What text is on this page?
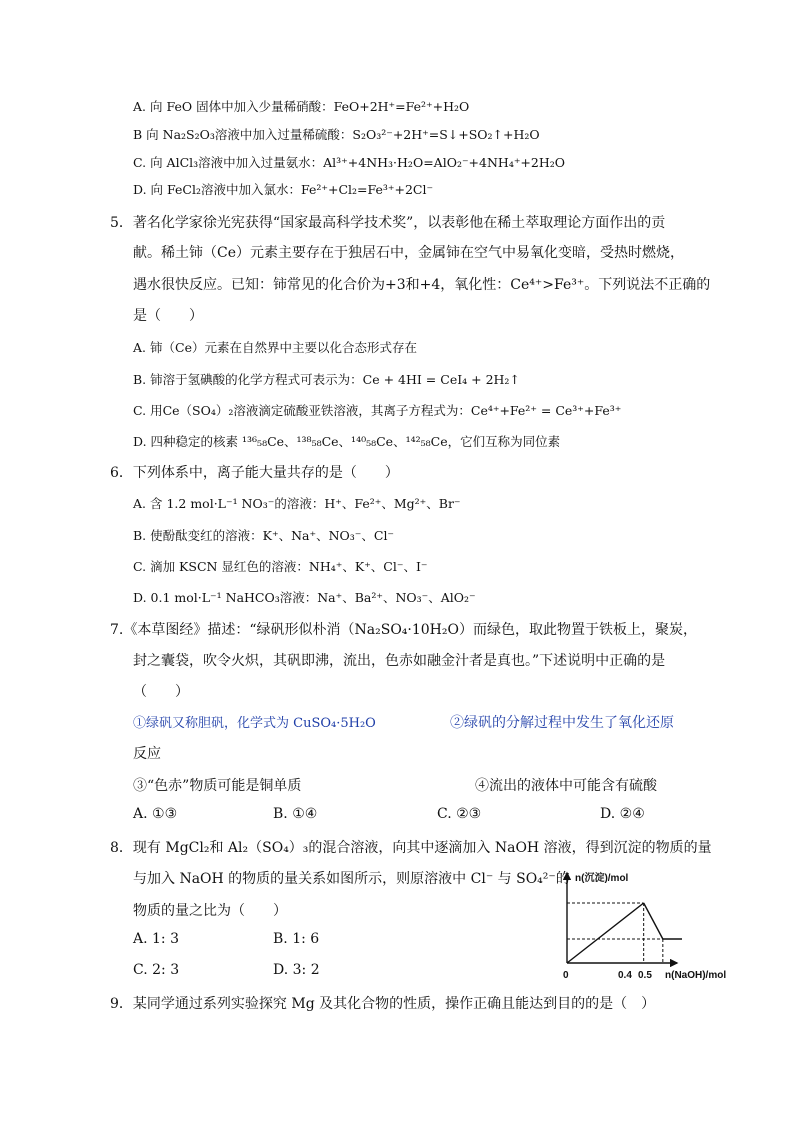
A. 向 FeO 固体中加入少量稀硝酸：FeO+2H⁺=Fe²⁺+H₂O
B 向 Na₂S₂O₃溶液中加入过量稀硫酸：S₂O₃²⁻+2H⁺=S↓+SO₂↑+H₂O
C. 向 AlCl₃溶液中加入过量氨水：Al³⁺+4NH₃·H₂O=AlO₂⁻+4NH₄⁺+2H₂O
D. 向 FeCl₂溶液中加入氯水：Fe²⁺+Cl₂=Fe³⁺+2Cl⁻
5．著名化学家徐光宪获得“国家最高科学技术奖”，以表彰他在稀土萃取理论方面作出的贡
献。稀土铈（Ce）元素主要存在于独居石中，金属铈在空气中易氧化变暗，受热时燃烧，
遇水很快反应。已知：铈常见的化合价为+3和+4，氧化性：Ce⁴⁺>Fe³⁺。下列说法不正确的
是（　　）
A. 铈（Ce）元素在自然界中主要以化合态形式存在
B. 铈溶于氢碘酸的化学方程式可表示为：Ce + 4HI = CeI₄ + 2H₂↑
C. 用Ce（SO₄）₂溶液滴定硫酸亚铁溶液，其离子方程式为：Ce⁴⁺+Fe²⁺ = Ce³⁺+Fe³⁺
D. 四种稳定的核素 ¹³⁶₅₈Ce、¹³⁸₅₈Ce、¹⁴⁰₅₈Ce、¹⁴²₅₈Ce，它们互称为同位素
6．下列体系中，离子能大量共存的是（　　）
A. 含 1.2 mol·L⁻¹ NO₃⁻的溶液：H⁺、Fe²⁺、Mg²⁺、Br⁻
B. 使酚酞变红的溶液：K⁺、Na⁺、NO₃⁻、Cl⁻
C. 滴加 KSCN 显红色的溶液：NH₄⁺、K⁺、Cl⁻、I⁻
D. 0.1 mol·L⁻¹ NaHCO₃溶液：Na⁺、Ba²⁺、NO₃⁻、AlO₂⁻
7.《本草图经》描述：“绿矾形似朴消（Na₂SO₄·10H₂O）而绿色，取此物置于铁板上，聚炭，
封之囊袋，吹令火炽，其矾即沸，流出，色赤如融金汁者是真也。”下述说明中正确的是
（　　）
①绿矾又称胆矾，化学式为 CuSO₄·5H₂O	②绿矾的分解过程中发生了氧化还原
反应
③“色赤”物质可能是铜单质	④流出的液体中可能含有硫酸
A. ①③	B. ①④	C. ②③	D. ②④
8．现有 MgCl₂和 Al₂（SO₄）₃的混合溶液，向其中逐滴加入 NaOH 溶液，得到沉淀的物质的量
与加入 NaOH 的物质的量关系如图所示，则原溶液中 Cl⁻ 与 SO₄²⁻的
物质的量之比为（　　）
A. 1: 3	B. 1: 6
C. 2: 3	D. 3: 2
n(沉淀)/mol
n(NaOH)/mol
0	0.4 0.5
9．某同学通过系列实验探究 Mg 及其化合物的性质，操作正确且能达到目的的是（　）
